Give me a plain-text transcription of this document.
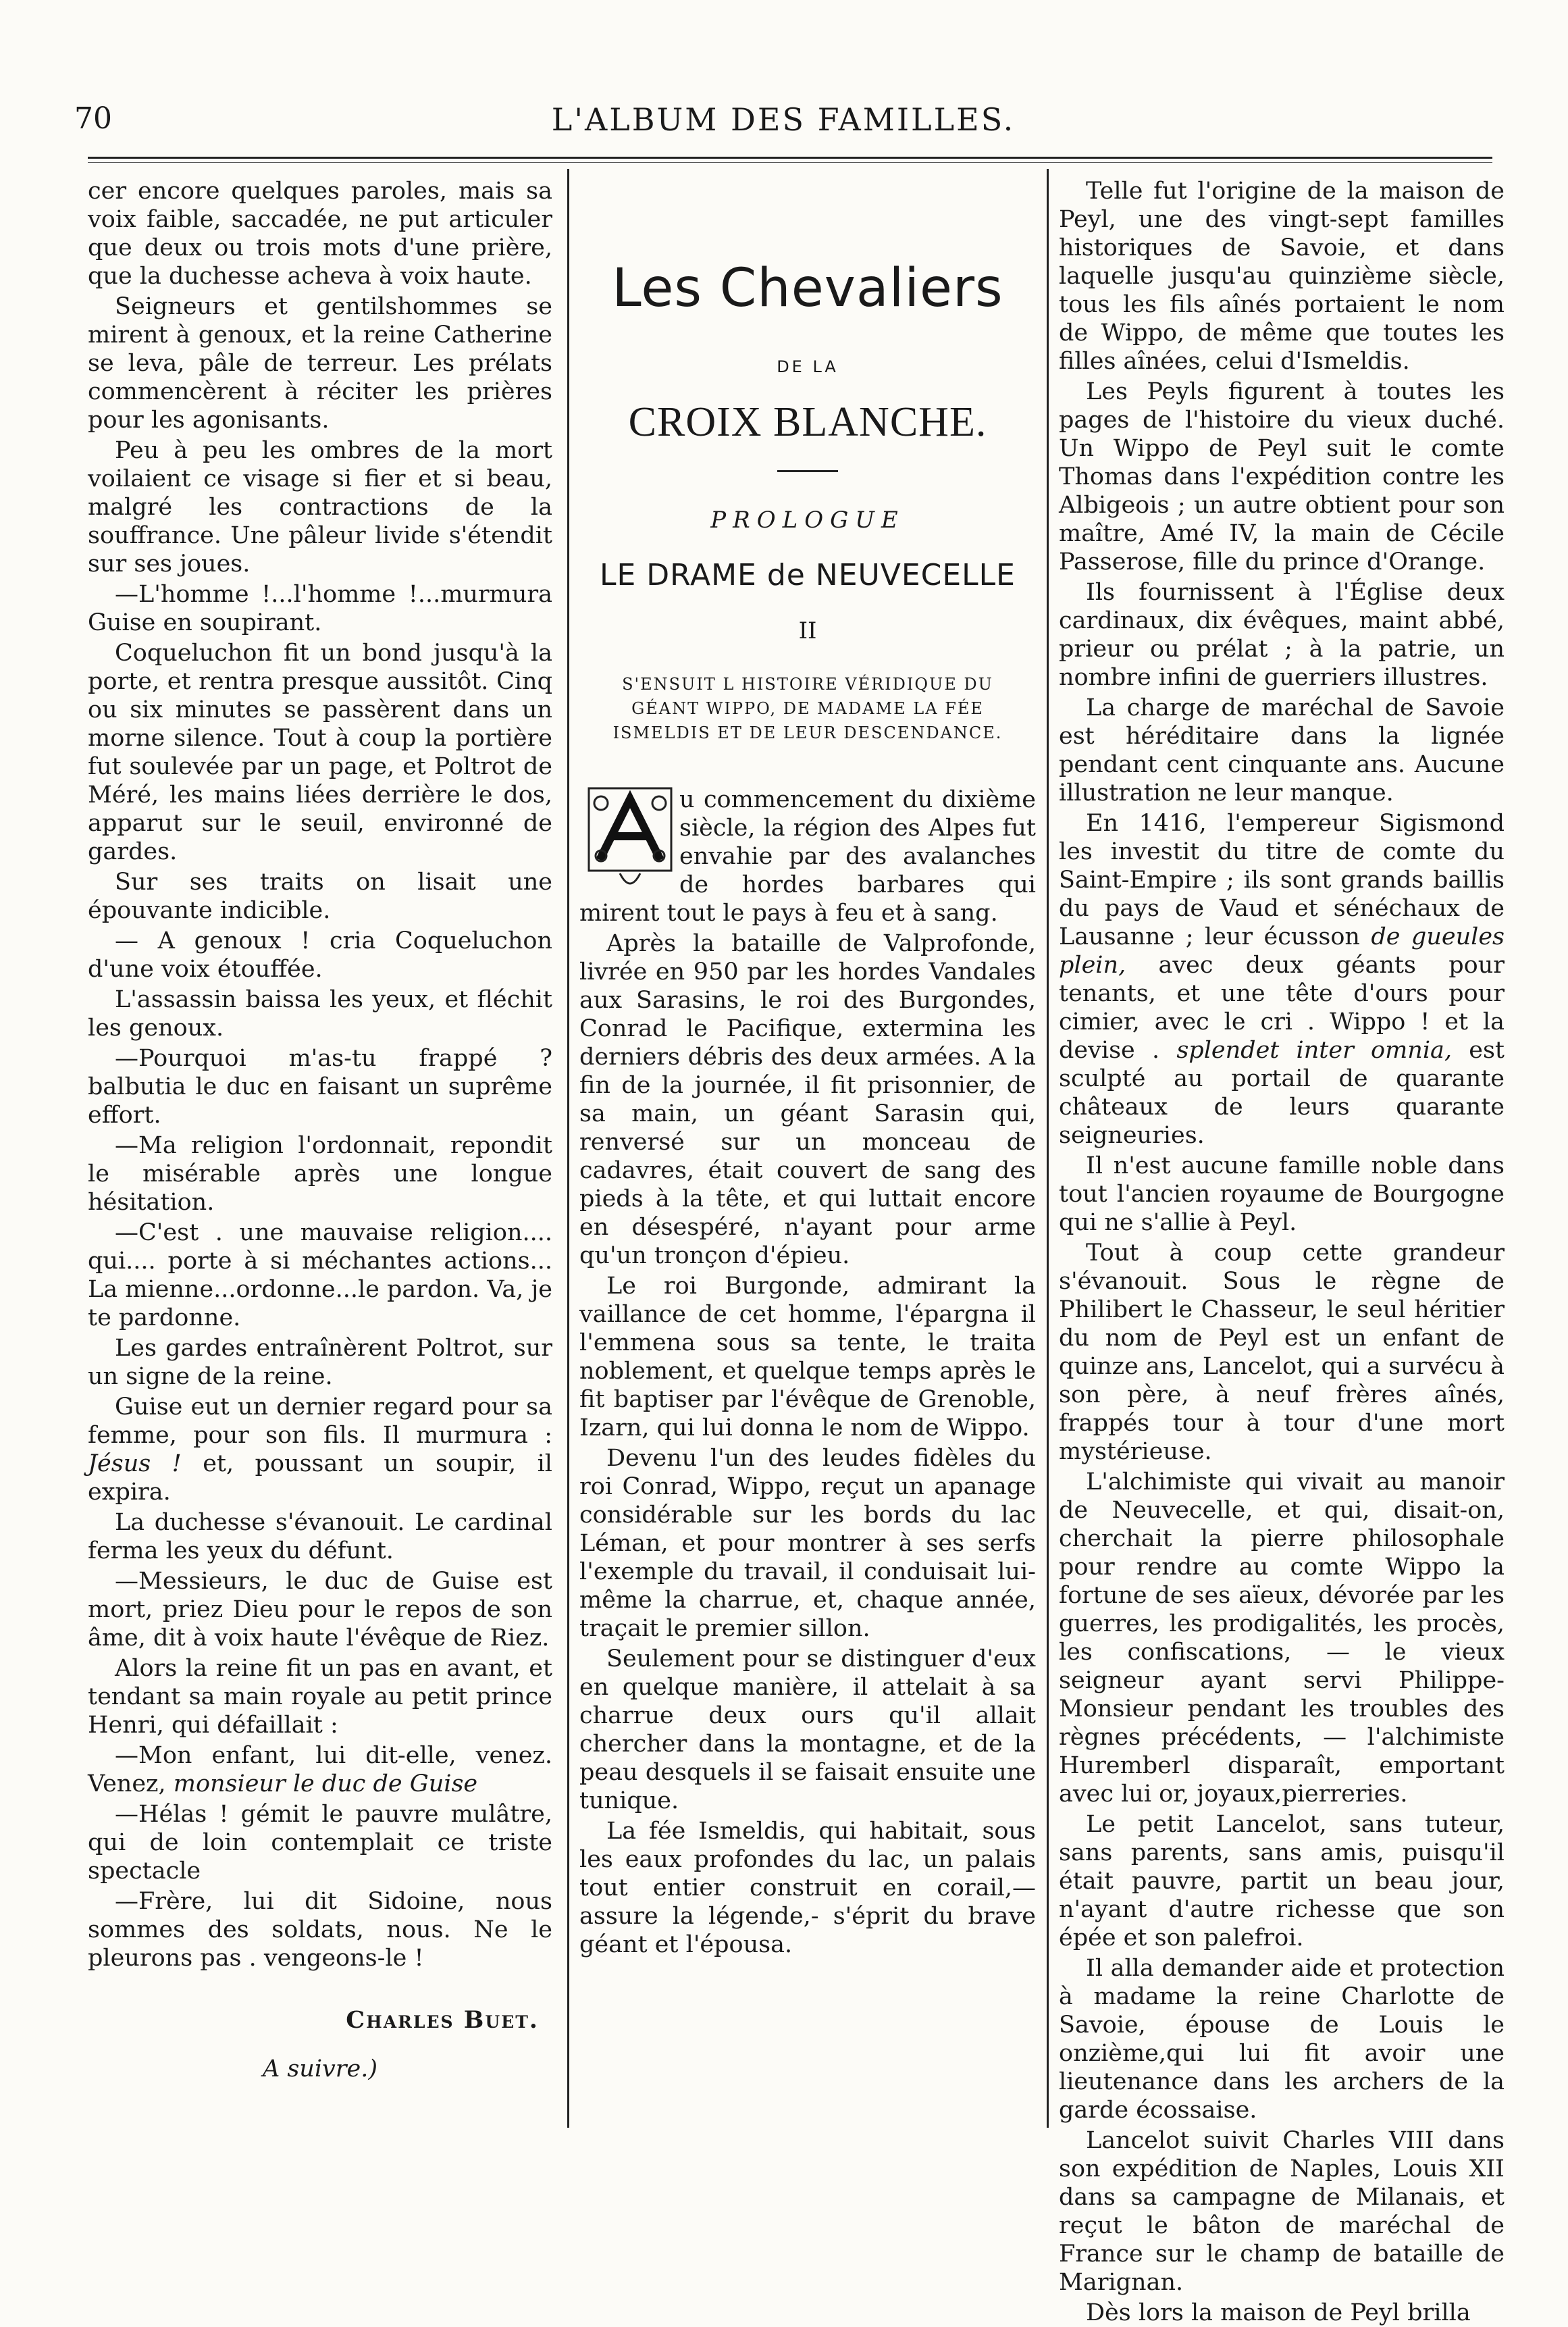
70	L'ALBUM DES FAMILLES.

cer encore quelques paroles, mais sa voix faible, saccadée, ne put articuler que deux ou trois mots d'une prière, que la duchesse acheva à voix haute.

Seigneurs et gentilshommes se mirent à genoux, et la reine Catherine se leva, pâle de terreur. Les prélats commencèrent à réciter les prières pour les agonisants.

Peu à peu les ombres de la mort voilaient ce visage si fier et si beau, malgré les contractions de la souffrance. Une pâleur livide s'étendit sur ses joues.

—L'homme !...l'homme !...murmura Guise en soupirant.

Coqueluchon fit un bond jusqu'à la porte, et rentra presque aussitôt. Cinq ou six minutes se passèrent dans un morne silence. Tout à coup la portière fut soulevée par un page, et Poltrot de Méré, les mains liées derrière le dos, apparut sur le seuil, environné de gardes.

Sur ses traits on lisait une épouvante indicible.

— A genoux ! cria Coqueluchon d'une voix étouffée.

L'assassin baissa les yeux, et fléchit les genoux.

—Pourquoi m'as-tu frappé ? balbutia le duc en faisant un suprême effort.

—Ma religion l'ordonnait, repondit le misérable après une longue hésitation.

—C'est . une mauvaise religion.... qui.... porte à si méchantes actions... La mienne...ordonne...le pardon. Va, je te pardonne.

Les gardes entraînèrent Poltrot, sur un signe de la reine.

Guise eut un dernier regard pour sa femme, pour son fils. Il murmura : Jésus ! et, poussant un soupir, il expira.

La duchesse s'évanouit. Le cardinal ferma les yeux du défunt.

—Messieurs, le duc de Guise est mort, priez Dieu pour le repos de son âme, dit à voix haute l'évêque de Riez.

Alors la reine fit un pas en avant, et tendant sa main royale au petit prince Henri, qui défaillait :

—Mon enfant, lui dit-elle, venez. Venez, monsieur le duc de Guise

—Hélas ! gémit le pauvre mulâtre, qui de loin contemplait ce triste spectacle

—Frère, lui dit Sidoine, nous sommes des soldats, nous. Ne le pleurons pas . vengeons-le !

Charles Buet.

A suivre.)

Les Chevaliers
DE LA
CROIX BLANCHE.
PROLOGUE
LE DRAME de NEUVECELLE
II
S'ENSUIT L HISTOIRE VÉRIDIQUE DU GÉANT WIPPO, DE MADAME LA FÉE ISMELDIS ET DE LEUR DESCENDANCE.

u commencement du dixième siècle, la région des Alpes fut envahie par des avalanches de hordes barbares qui mirent tout le pays à feu et à sang.

Après la bataille de Valprofonde, livrée en 950 par les hordes Vandales aux Sarasins, le roi des Burgondes, Conrad le Pacifique, extermina les derniers débris des deux armées. A la fin de la journée, il fit prisonnier, de sa main, un géant Sarasin qui, renversé sur un monceau de cadavres, était couvert de sang des pieds à la tête, et qui luttait encore en désespéré, n'ayant pour arme qu'un tronçon d'épieu.

Le roi Burgonde, admirant la vaillance de cet homme, l'épargna il l'emmena sous sa tente, le traita noblement, et quelque temps après le fit baptiser par l'évêque de Grenoble, Izarn, qui lui donna le nom de Wippo.

Devenu l'un des leudes fidèles du roi Conrad, Wippo, reçut un apanage considérable sur les bords du lac Léman, et pour montrer à ses serfs l'exemple du travail, il conduisait lui-même la charrue, et, chaque année, traçait le premier sillon.

Seulement pour se distinguer d'eux en quelque manière, il attelait à sa charrue deux ours qu'il allait chercher dans la montagne, et de la peau desquels il se faisait ensuite une tunique.

La fée Ismeldis, qui habitait, sous les eaux profondes du lac, un palais tout entier construit en corail,— assure la légende,- s'éprit du brave géant et l'épousa.

Telle fut l'origine de la maison de Peyl, une des vingt-sept familles historiques de Savoie, et dans laquelle jusqu'au quinzième siècle, tous les fils aînés portaient le nom de Wippo, de même que toutes les filles aînées, celui d'Ismeldis.

Les Peyls figurent à toutes les pages de l'histoire du vieux duché. Un Wippo de Peyl suit le comte Thomas dans l'expédition contre les Albigeois ; un autre obtient pour son maître, Amé IV, la main de Cécile Passerose, fille du prince d'Orange.

Ils fournissent à l'Église deux cardinaux, dix évêques, maint abbé, prieur ou prélat ; à la patrie, un nombre infini de guerriers illustres.

La charge de maréchal de Savoie est héréditaire dans la lignée pendant cent cinquante ans. Aucune illustration ne leur manque.

En 1416, l'empereur Sigismond les investit du titre de comte du Saint-Empire ; ils sont grands baillis du pays de Vaud et sénéchaux de Lausanne ; leur écusson de gueules plein, avec deux géants pour tenants, et une tête d'ours pour cimier, avec le cri . Wippo ! et la devise . splendet inter omnia, est sculpté au portail de quarante châteaux de leurs quarante seigneuries.

Il n'est aucune famille noble dans tout l'ancien royaume de Bourgogne qui ne s'allie à Peyl.

Tout à coup cette grandeur s'évanouit. Sous le règne de Philibert le Chasseur, le seul héritier du nom de Peyl est un enfant de quinze ans, Lancelot, qui a survécu à son père, à neuf frères aînés, frappés tour à tour d'une mort mystérieuse.

L'alchimiste qui vivait au manoir de Neuvecelle, et qui, disait-on, cherchait la pierre philosophale pour rendre au comte Wippo la fortune de ses aïeux, dévorée par les guerres, les prodigalités, les procès, les confiscations, — le vieux seigneur ayant servi Philippe-Monsieur pendant les troubles des règnes précédents, — l'alchimiste Huremberl disparaît, emportant avec lui or, joyaux,pierreries.

Le petit Lancelot, sans tuteur, sans parents, sans amis, puisqu'il était pauvre, partit un beau jour, n'ayant d'autre richesse que son épée et son palefroi.

Il alla demander aide et protection à madame la reine Charlotte de Savoie, épouse de Louis le onzième,qui lui fit avoir une lieutenance dans les archers de la garde écossaise.

Lancelot suivit Charles VIII dans son expédition de Naples, Louis XII dans sa campagne de Milanais, et reçut le bâton de maréchal de France sur le champ de bataille de Marignan.

Dès lors la maison de Peyl brilla
